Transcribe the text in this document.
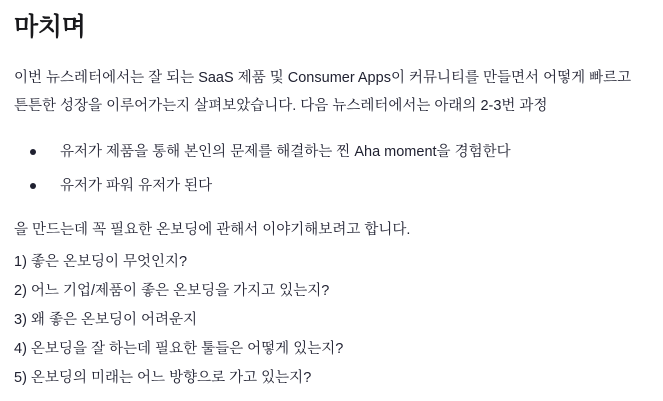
마치며

이번 뉴스레터에서는 잘 되는 SaaS 제품 및 Consumer Apps이 커뮤니티를 만들면서 어떻게 빠르고 튼튼한 성장을 이루어가는지 살펴보았습니다. 다음 뉴스레터에서는 아래의 2-3번 과정

유저가 제품을 통해 본인의 문제를 해결하는 찐 Aha moment을 경험한다
유저가 파워 유저가 된다

을 만드는데 꼭 필요한 온보딩에 관해서 이야기해보려고 합니다.

1) 좋은 온보딩이 무엇인지?
2) 어느 기업/제품이 좋은 온보딩을 가지고 있는지?
3) 왜 좋은 온보딩이 어려운지
4) 온보딩을 잘 하는데 필요한 툴들은 어떻게 있는지?
5) 온보딩의 미래는 어느 방향으로 가고 있는지?
